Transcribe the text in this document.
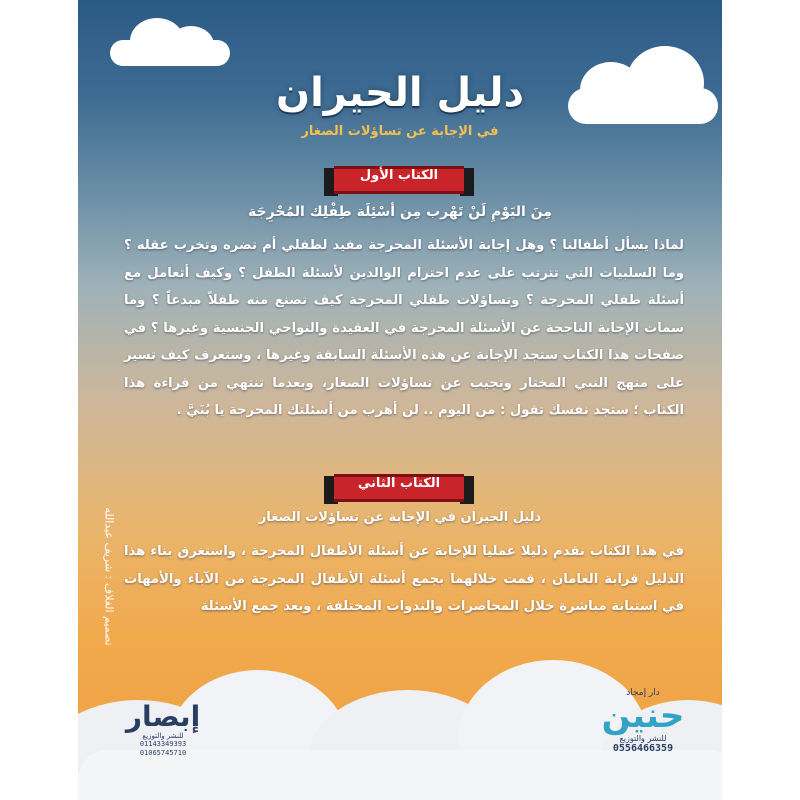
دليل الحيران
في الإجابة عن تساؤلات الصغار
الكتاب الأول
مِنَ اليَوْمِ لَنْ تَهْرب مِن أسْئِلَة طِفْلِك المُحْرِجَة
لماذا يسأل أطفالنا ؟ وهل إجابة الأسئلة المحرجة مفيد لطفلي أم تضره وتخرب عقله ؟ وما السلبيات التي تترتب على عدم احترام الوالدين لأسئلة الطفل ؟ وكيف أتعامل مع أسئلة طفلي المحرجة ؟ وتساؤلات طفلي المحرجة كيف تصنع منه طفلاً مبدعاً ؟ وما سمات الإجابة الناجحة عن الأسئلة المحرجة في العقيدة والنواحي الجنسية وغيرها ؟ في صفحات هذا الكتاب ستجد الإجابة عن هذه الأسئلة السابقة وغيرها ، وستعرف كيف تسير على منهج النبي المختار وتجيب عن تساؤلات الصغار، وبعدما تنتهي من قراءة هذا الكتاب ؛ ستجد نفسك تقول : من اليوم .. لن أهرب من أسئلتك المحرجة يا بُنَيَّ .
الكتاب الثاني
دليل الحيران في الإجابة عن تساؤلات الصغار
في هذا الكتاب نقدم دليلا عمليا للإجابة عن أسئلة الأطفال المحرجة ، واستغرق بناء هذا الدليل قرابة العامان ، قمت خلالهما بجمع أسئلة الأطفال المحرجة من الآباء والأمهات في استبانة مباشرة خلال المحاضرات والندوات المختلفة ، وبعد جمع الأسئلة
تصميم الغلاف : شريف عبدالله
إبصار
للنشر والتوزيع
01143349393
01065745710
دار إمجاد
حنين
للنشر والتوزيع
0556466359
